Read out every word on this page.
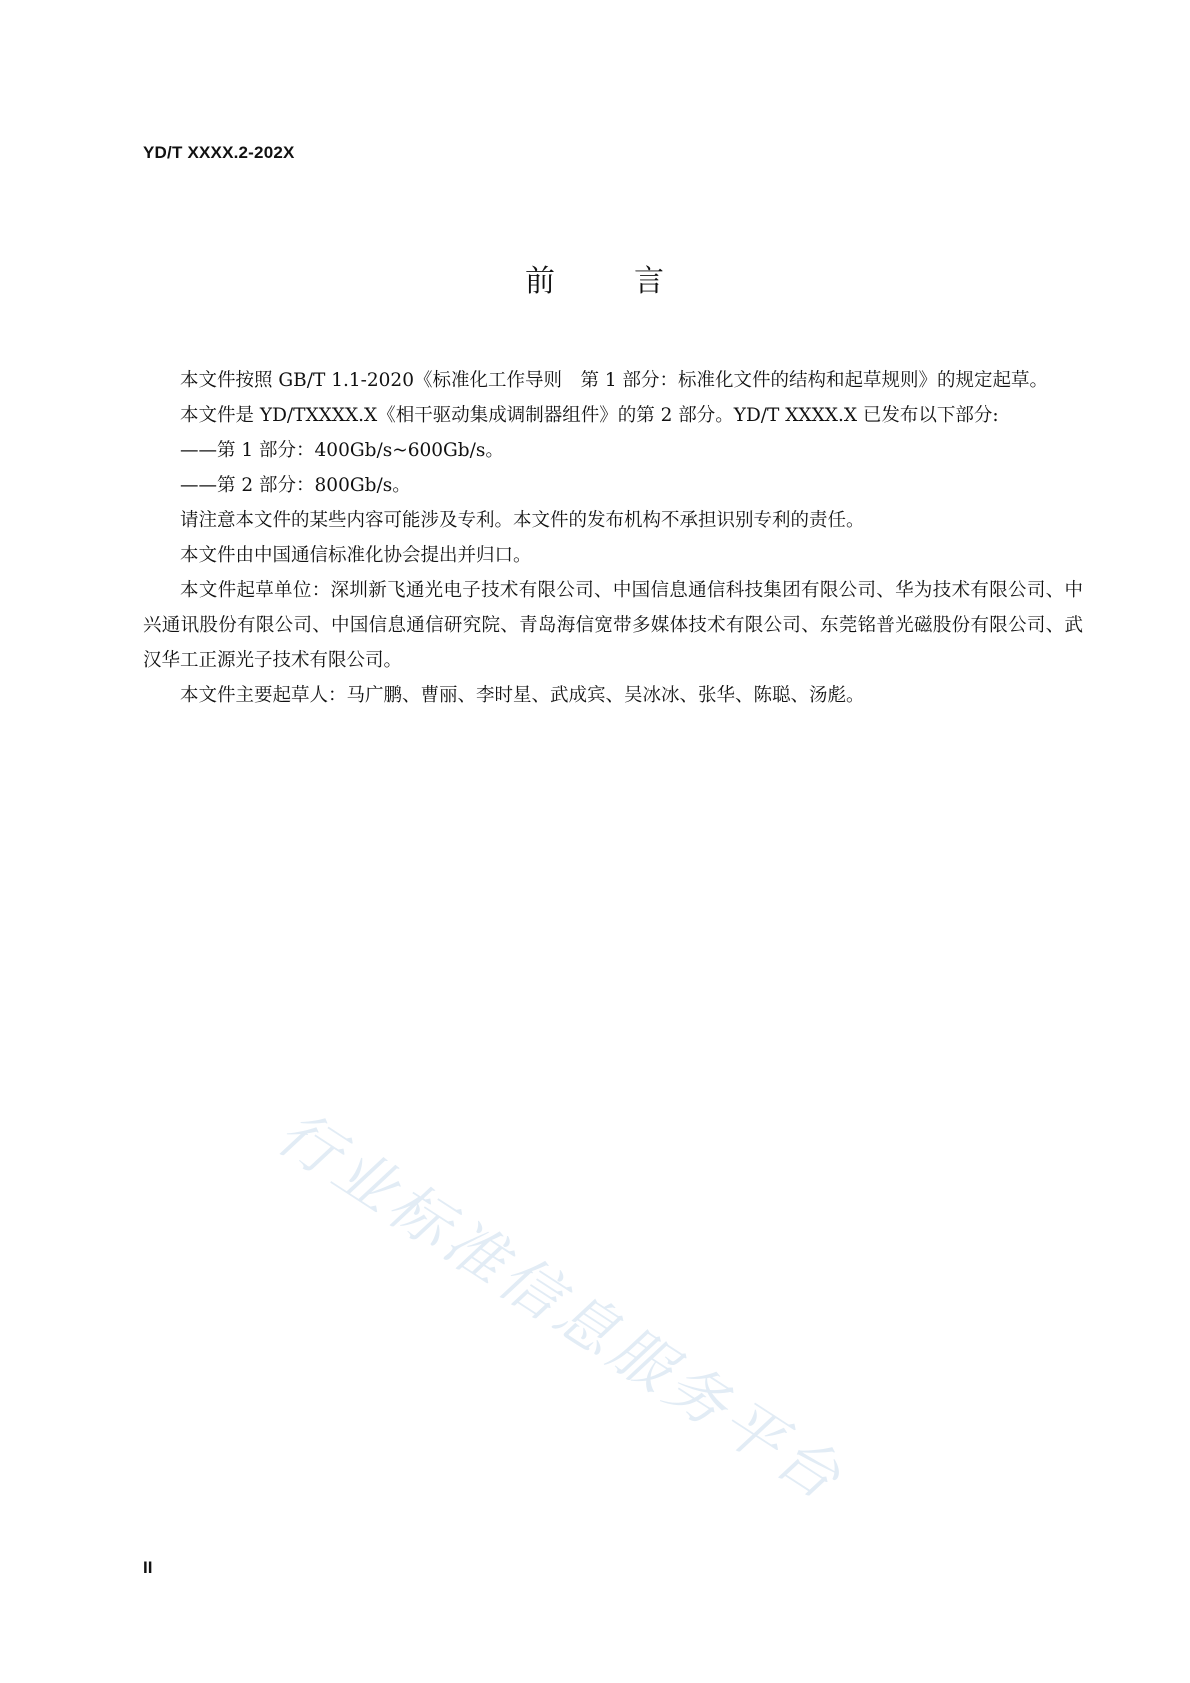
YD/T XXXX.2-202X
前	言

本文件按照 GB/T 1.1-2020《标准化工作导则　第 1 部分：标准化文件的结构和起草规则》的规定起草。

本文件是 YD/TXXXX.X《相干驱动集成调制器组件》的第 2 部分。YD/T XXXX.X 已发布以下部分:

——第 1 部分：400Gb/s~600Gb/s。

——第 2 部分：800Gb/s。

请注意本文件的某些内容可能涉及专利。本文件的发布机构不承担识别专利的责任。

本文件由中国通信标准化协会提出并归口。

本文件起草单位：深圳新飞通光电子技术有限公司、中国信息通信科技集团有限公司、华为技术有限公司、中兴通讯股份有限公司、中国信息通信研究院、青岛海信宽带多媒体技术有限公司、东莞铭普光磁股份有限公司、武汉华工正源光子技术有限公司。

本文件主要起草人：马广鹏、曹丽、李时星、武成宾、吴冰冰、张华、陈聪、汤彪。

行业标准信息服务平台
II
